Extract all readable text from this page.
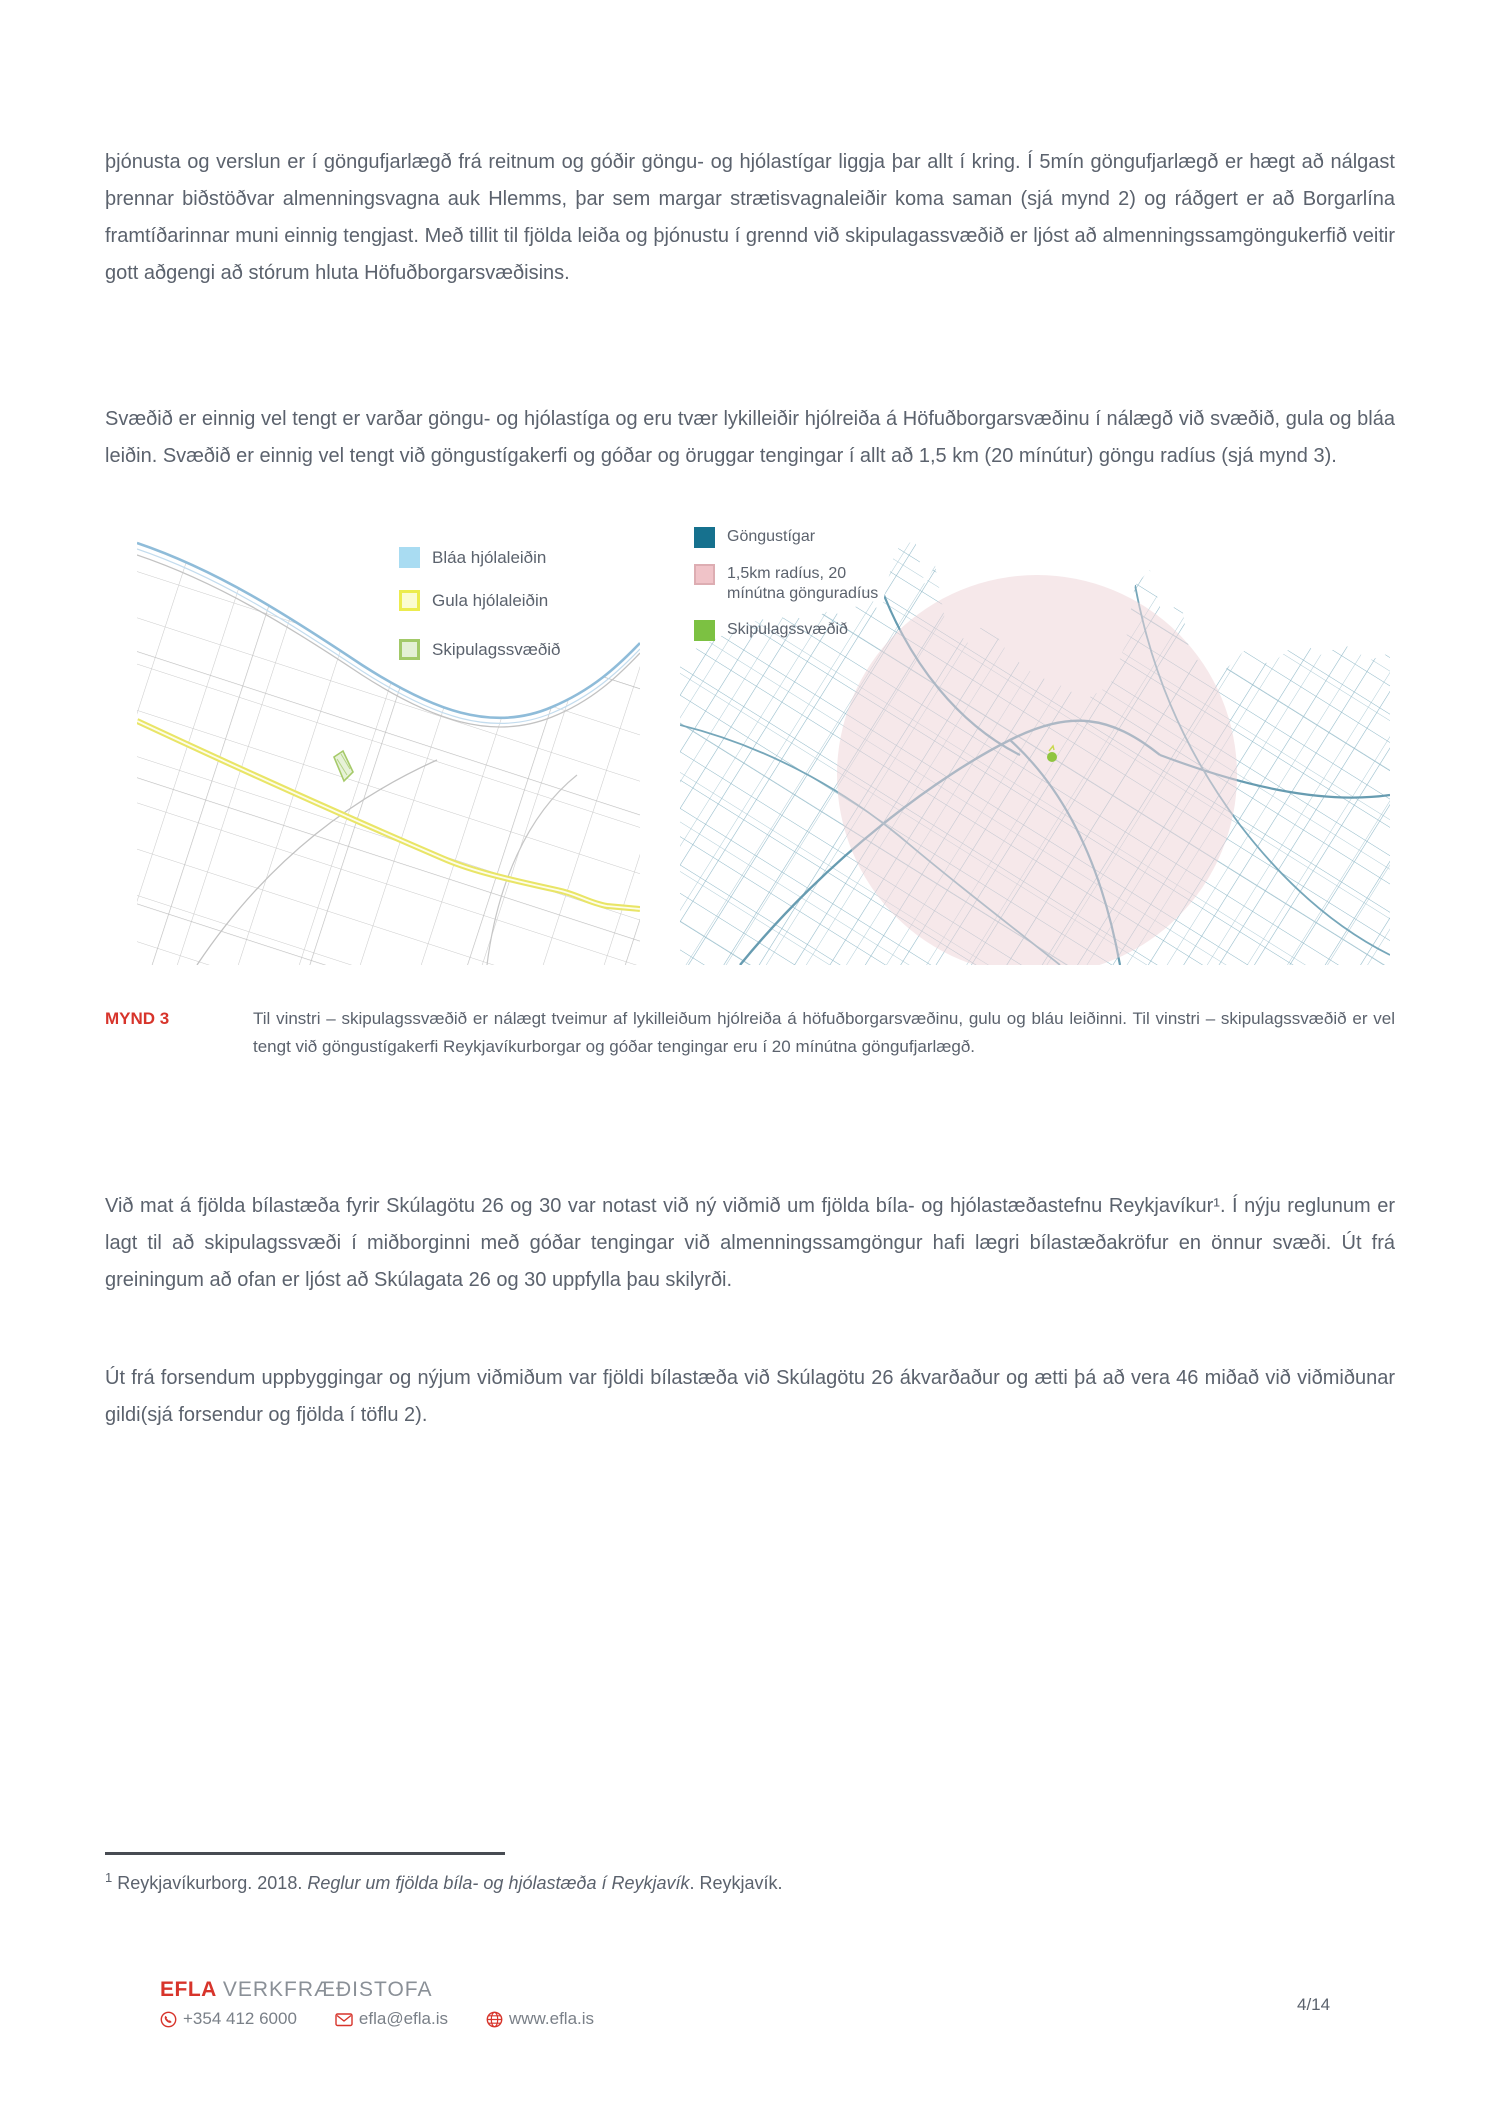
þjónusta og verslun er í göngufjarlægð frá reitnum og góðir göngu- og hjólastígar liggja þar allt í kring. Í 5mín göngufjarlægð er hægt að nálgast þrennar biðstöðvar almenningsvagna auk Hlemms, þar sem margar strætisvagnaleiðir koma saman (sjá mynd 2) og ráðgert er að Borgarlína framtíðarinnar muni einnig tengjast. Með tillit til fjölda leiða og þjónustu í grennd við skipulagassvæðið er ljóst að almenningssamgöngukerfið veitir gott aðgengi að stórum hluta Höfuðborgarsvæðisins.

Svæðið er einnig vel tengt er varðar göngu- og hjólastíga og eru tvær lykilleiðir hjólreiða á Höfuðborgarsvæðinu í nálægð við svæðið, gula og bláa leiðin. Svæðið er einnig vel tengt við göngustígakerfi og góðar og öruggar tengingar í allt að 1,5 km (20 mínútur) göngu radíus (sjá mynd 3).

Bláa hjólaleiðin
Gula hjólaleiðin
Skipulagssvæðið
Göngustígar
1,5km radíus, 20 mínútna gönguradíus
Skipulagssvæðið
MYND 3	Til vinstri – skipulagssvæðið er nálægt tveimur af lykilleiðum hjólreiða á höfuðborgarsvæðinu, gulu og bláu leiðinni. Til vinstri – skipulagssvæðið er vel tengt við göngustígakerfi Reykjavíkurborgar og góðar tengingar eru í 20 mínútna göngufjarlægð.

Við mat á fjölda bílastæða fyrir Skúlagötu 26 og 30 var notast við ný viðmið um fjölda bíla- og hjólastæðastefnu Reykjavíkur¹. Í nýju reglunum er lagt til að skipulagssvæði í miðborginni með góðar tengingar við almenningssamgöngur hafi lægri bílastæðakröfur en önnur svæði. Út frá greiningum að ofan er ljóst að Skúlagata 26 og 30 uppfylla þau skilyrði.

Út frá forsendum uppbyggingar og nýjum viðmiðum var fjöldi bílastæða við Skúlagötu 26 ákvarðaður og ætti þá að vera 46 miðað við viðmiðunar gildi(sjá forsendur og fjölda í töflu 2).

$^1$ Reykjavíkurborg. 2018. Reglur um fjölda bíla- og hjólastæða í Reykjavík. Reykjavík.
EFLA VERKFRÆÐISTOFA
+354 412 6000	efla@efla.is	www.efla.is
4/14
